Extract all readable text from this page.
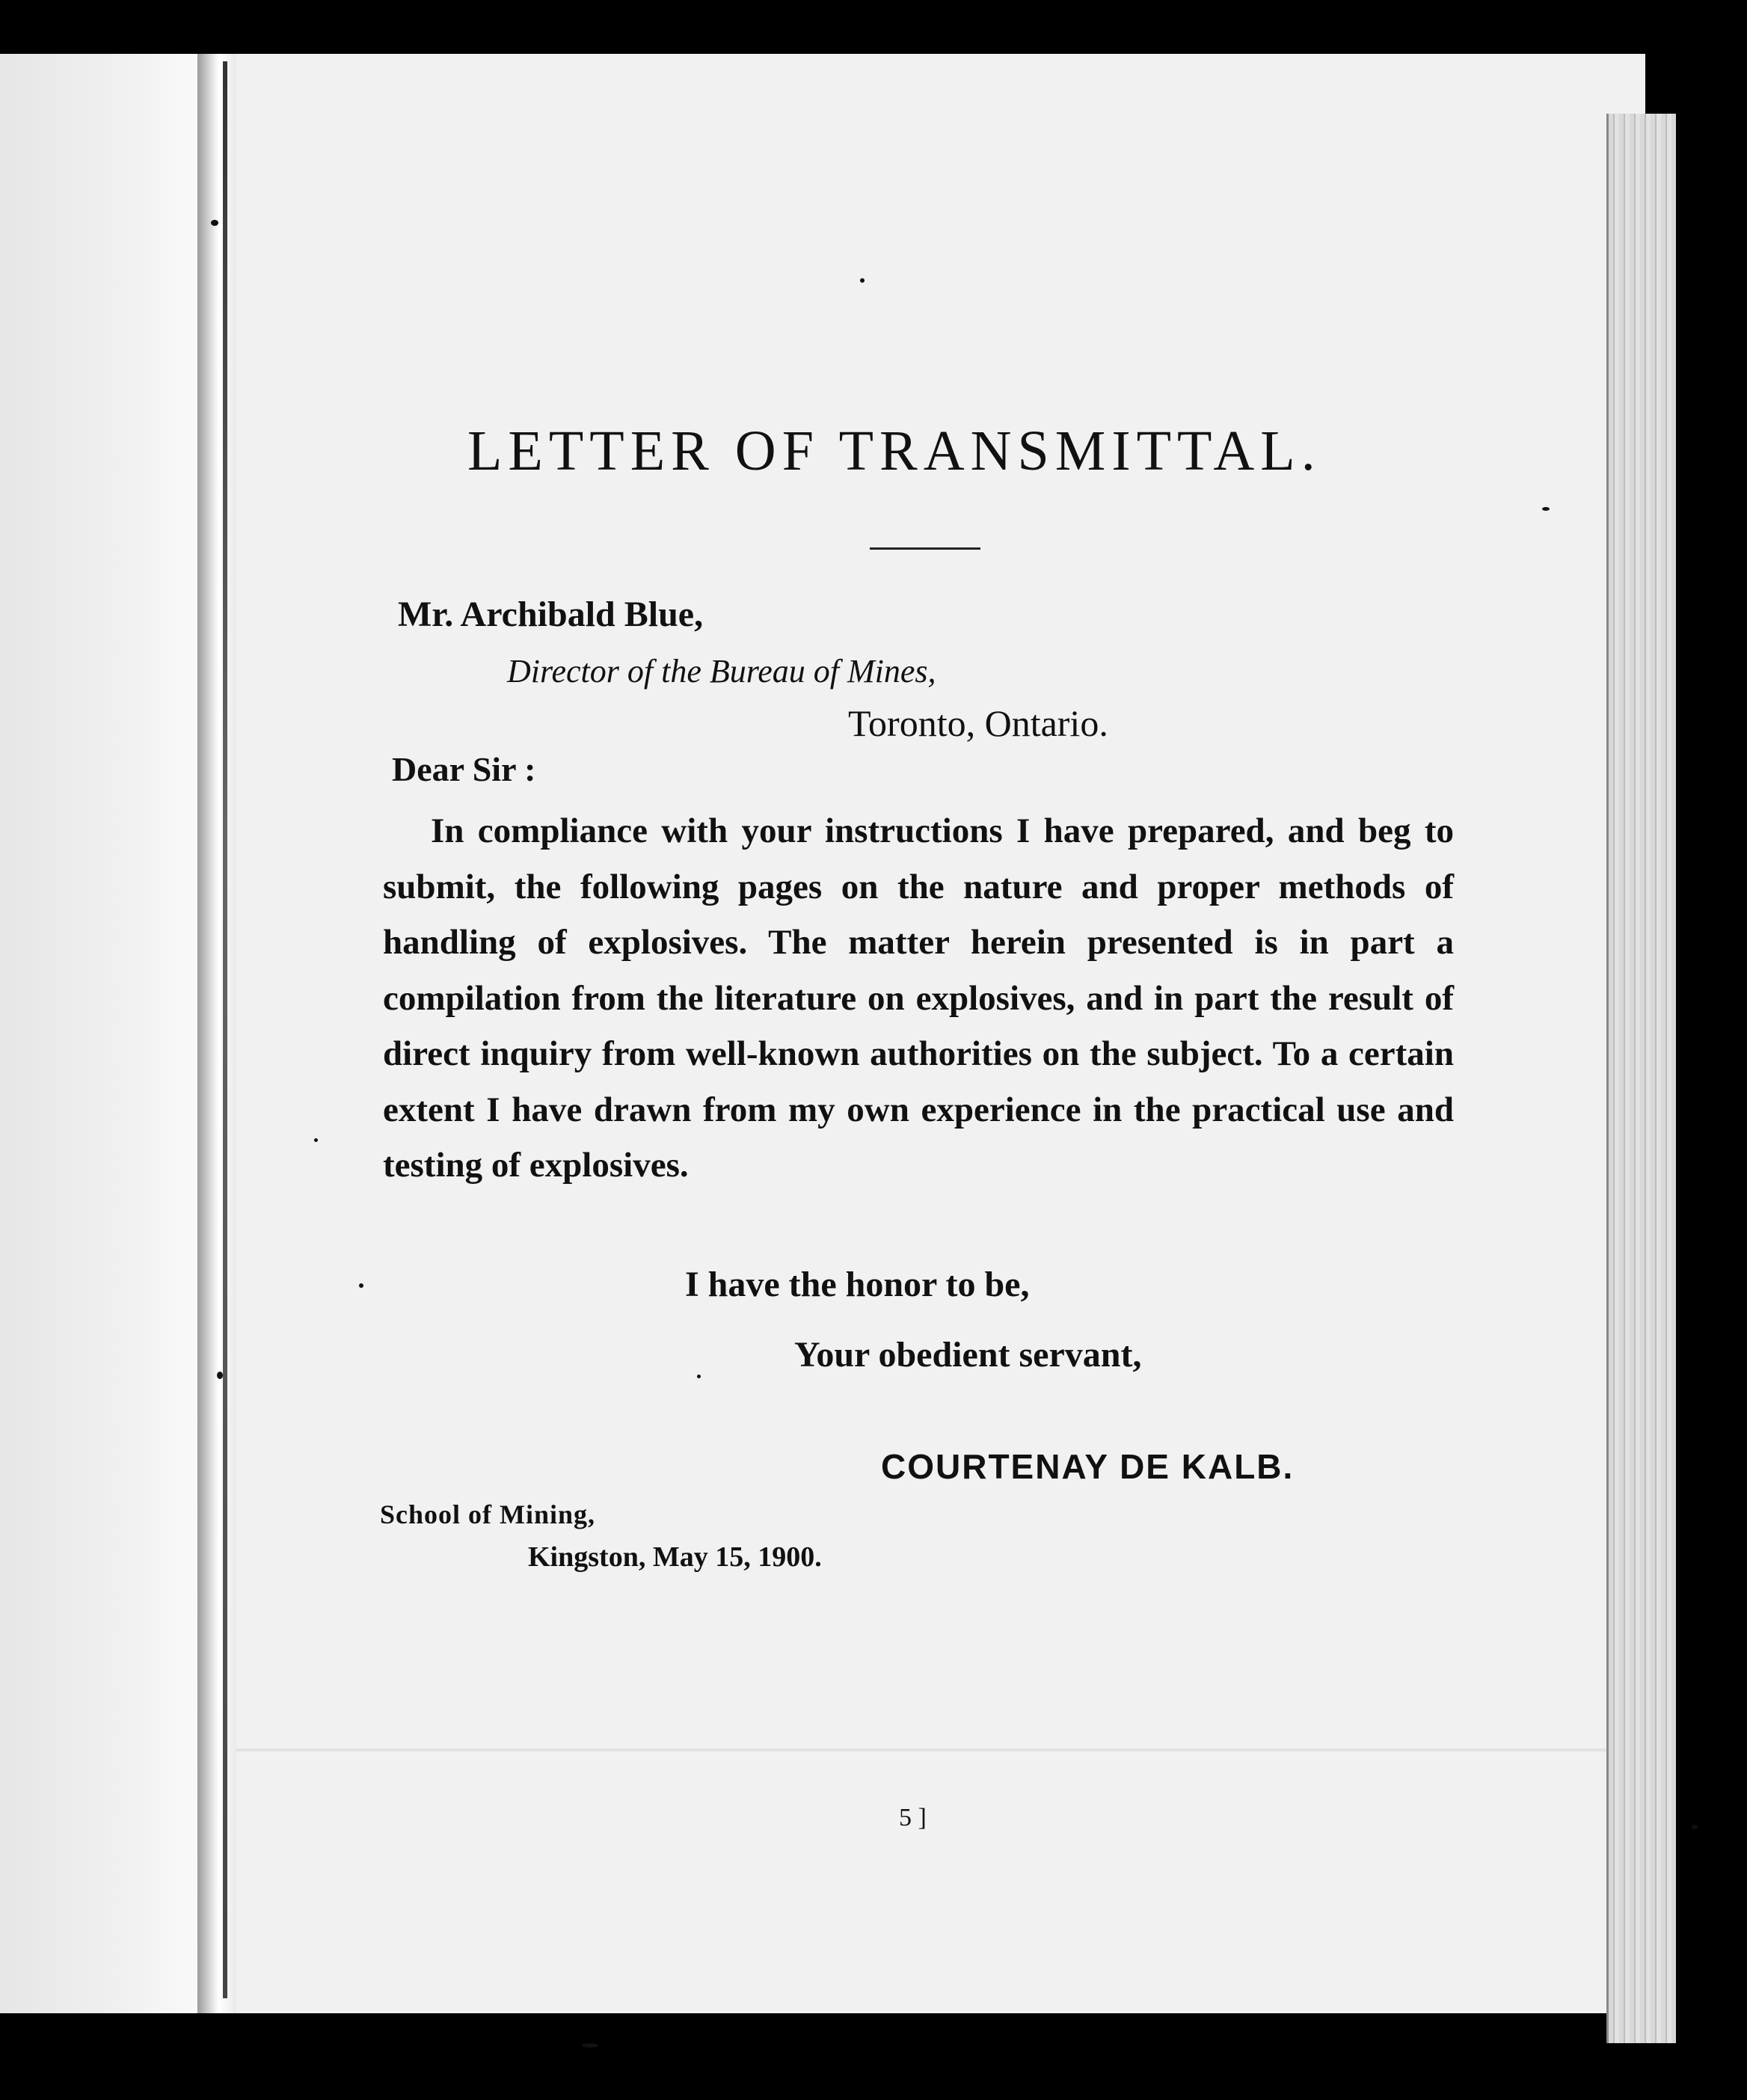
LETTER OF TRANSMITTAL.
Mr. Archibald Blue,
Director of the Bureau of Mines,
Toronto, Ontario.
Dear Sir :
In compliance with your instructions I have prepared, and beg to submit, the following pages on the nature and proper methods of handling of explosives. The matter herein presented is in part a compilation from the literature on explosives, and in part the result of direct inquiry from well-known authorities on the subject. To a certain extent I have drawn from my own experience in the practical use and testing of explosives.
I have the honor to be,
Your obedient servant,
COURTENAY DE KALB.
School of Mining,
Kingston, May 15, 1900.
5 ]
